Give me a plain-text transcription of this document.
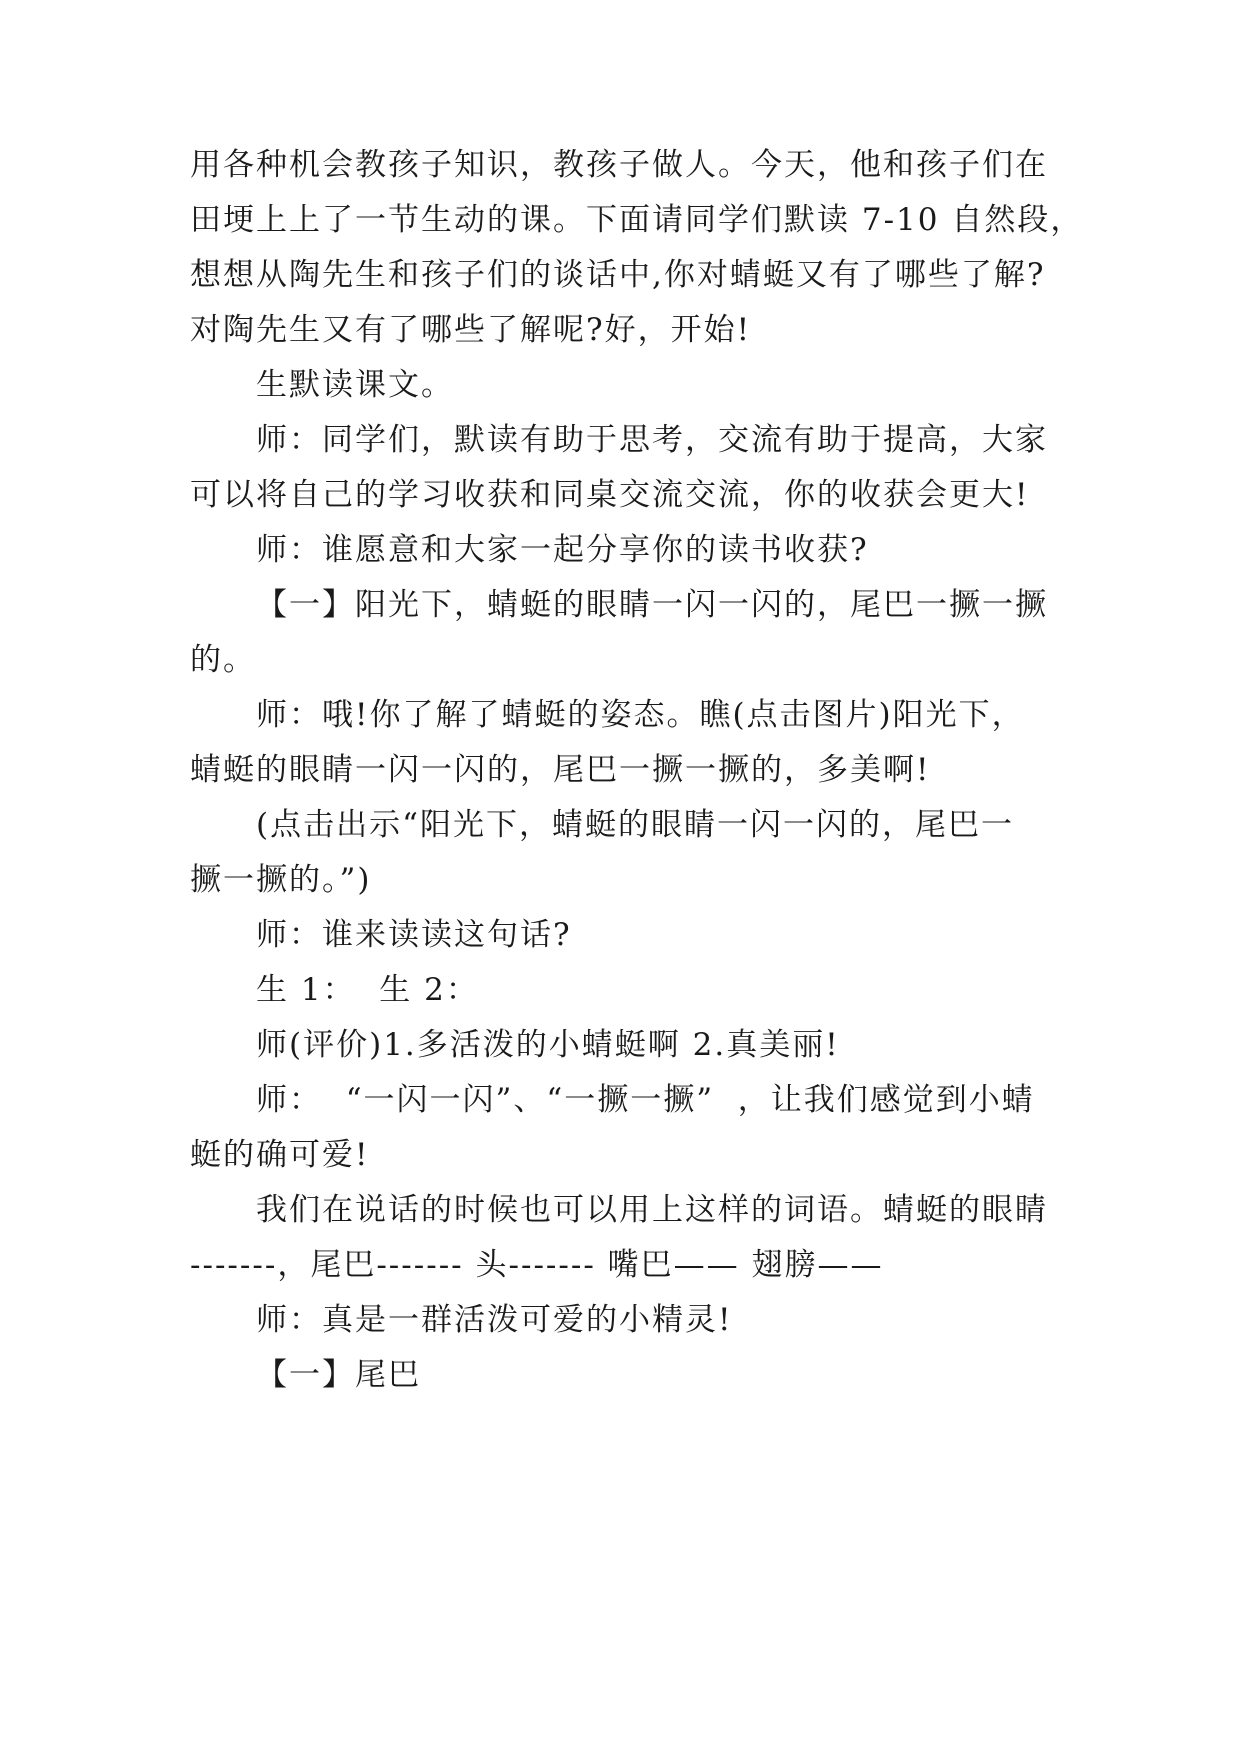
用各种机会教孩子知识，教孩子做人。今天，他和孩子们在
田埂上上了一节生动的课。下面请同学们默读 7-10 自然段，
想想从陶先生和孩子们的谈话中,你对蜻蜓又有了哪些了解?
对陶先生又有了哪些了解呢?好，开始!
生默读课文。
师：同学们，默读有助于思考，交流有助于提高，大家
可以将自己的学习收获和同桌交流交流，你的收获会更大!
师：谁愿意和大家一起分享你的读书收获?
【一】阳光下，蜻蜓的眼睛一闪一闪的，尾巴一撅一撅
的。
师：哦!你了解了蜻蜓的姿态。瞧(点击图片)阳光下，
蜻蜓的眼睛一闪一闪的，尾巴一撅一撅的，多美啊!
(点击出示“阳光下，蜻蜓的眼睛一闪一闪的，尾巴一
撅一撅的。”)
师：谁来读读这句话?
生 1：  生 2：
师(评价)1.多活泼的小蜻蜓啊 2.真美丽!
师：  “一闪一闪”、“一撅一撅”  ，让我们感觉到小蜻
蜓的确可爱!
我们在说话的时候也可以用上这样的词语。蜻蜓的眼睛
-------，尾巴------- 头------- 嘴巴—— 翅膀——
师：真是一群活泼可爱的小精灵!
【一】尾巴
